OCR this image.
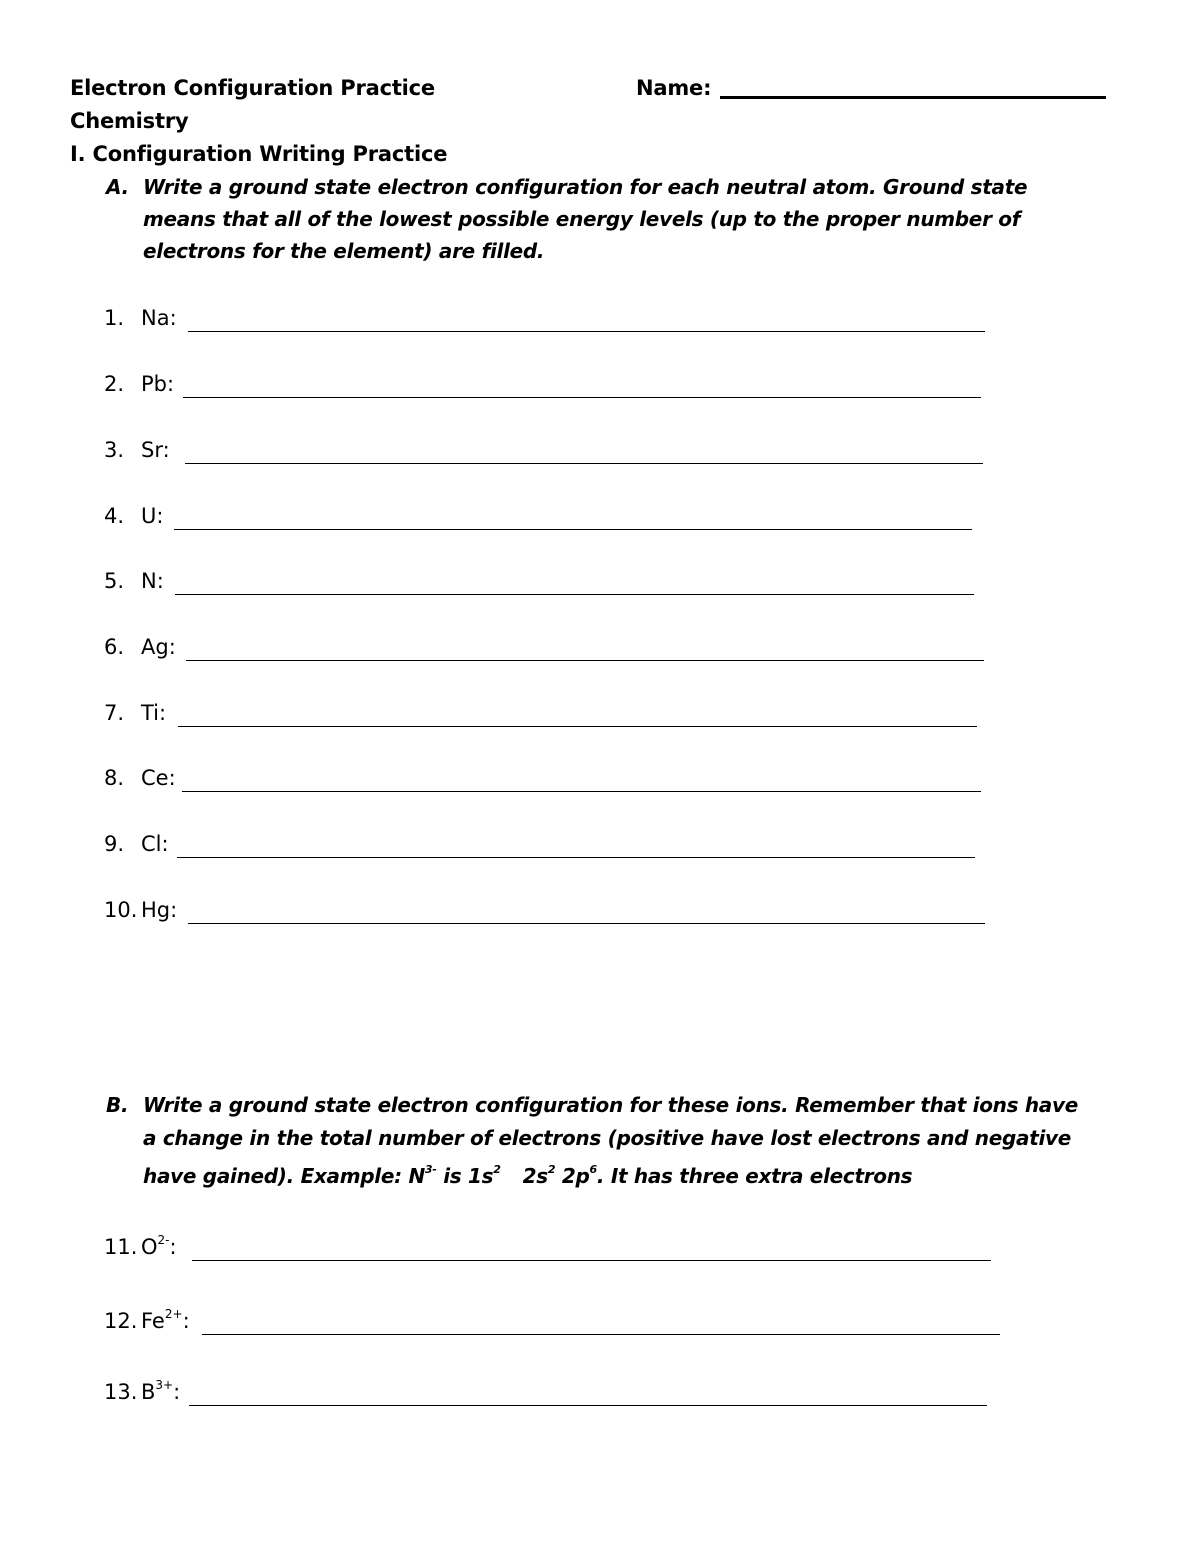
Electron Configuration Practice	Name:
Chemistry
I. Configuration Writing Practice
A. Write a ground state electron configuration for each neutral atom. Ground state
means that all of the lowest possible energy levels (up to the proper number of
electrons for the element) are filled.
1. Na:
2. Pb:
3. Sr:
4. U:
5. N:
6. Ag:
7. Ti:
8. Ce:
9. Cl:
10. Hg:
B. Write a ground state electron configuration for these ions. Remember that ions have
a change in the total number of electrons (positive have lost electrons and negative
have gained). Example: $N^{3-}$ is $1s^2$ $2s^2$ $2p^6$. It has three extra electrons
11. $O^{2-}$:
12. $Fe^{2+}$:
13. $B^{3+}$:
